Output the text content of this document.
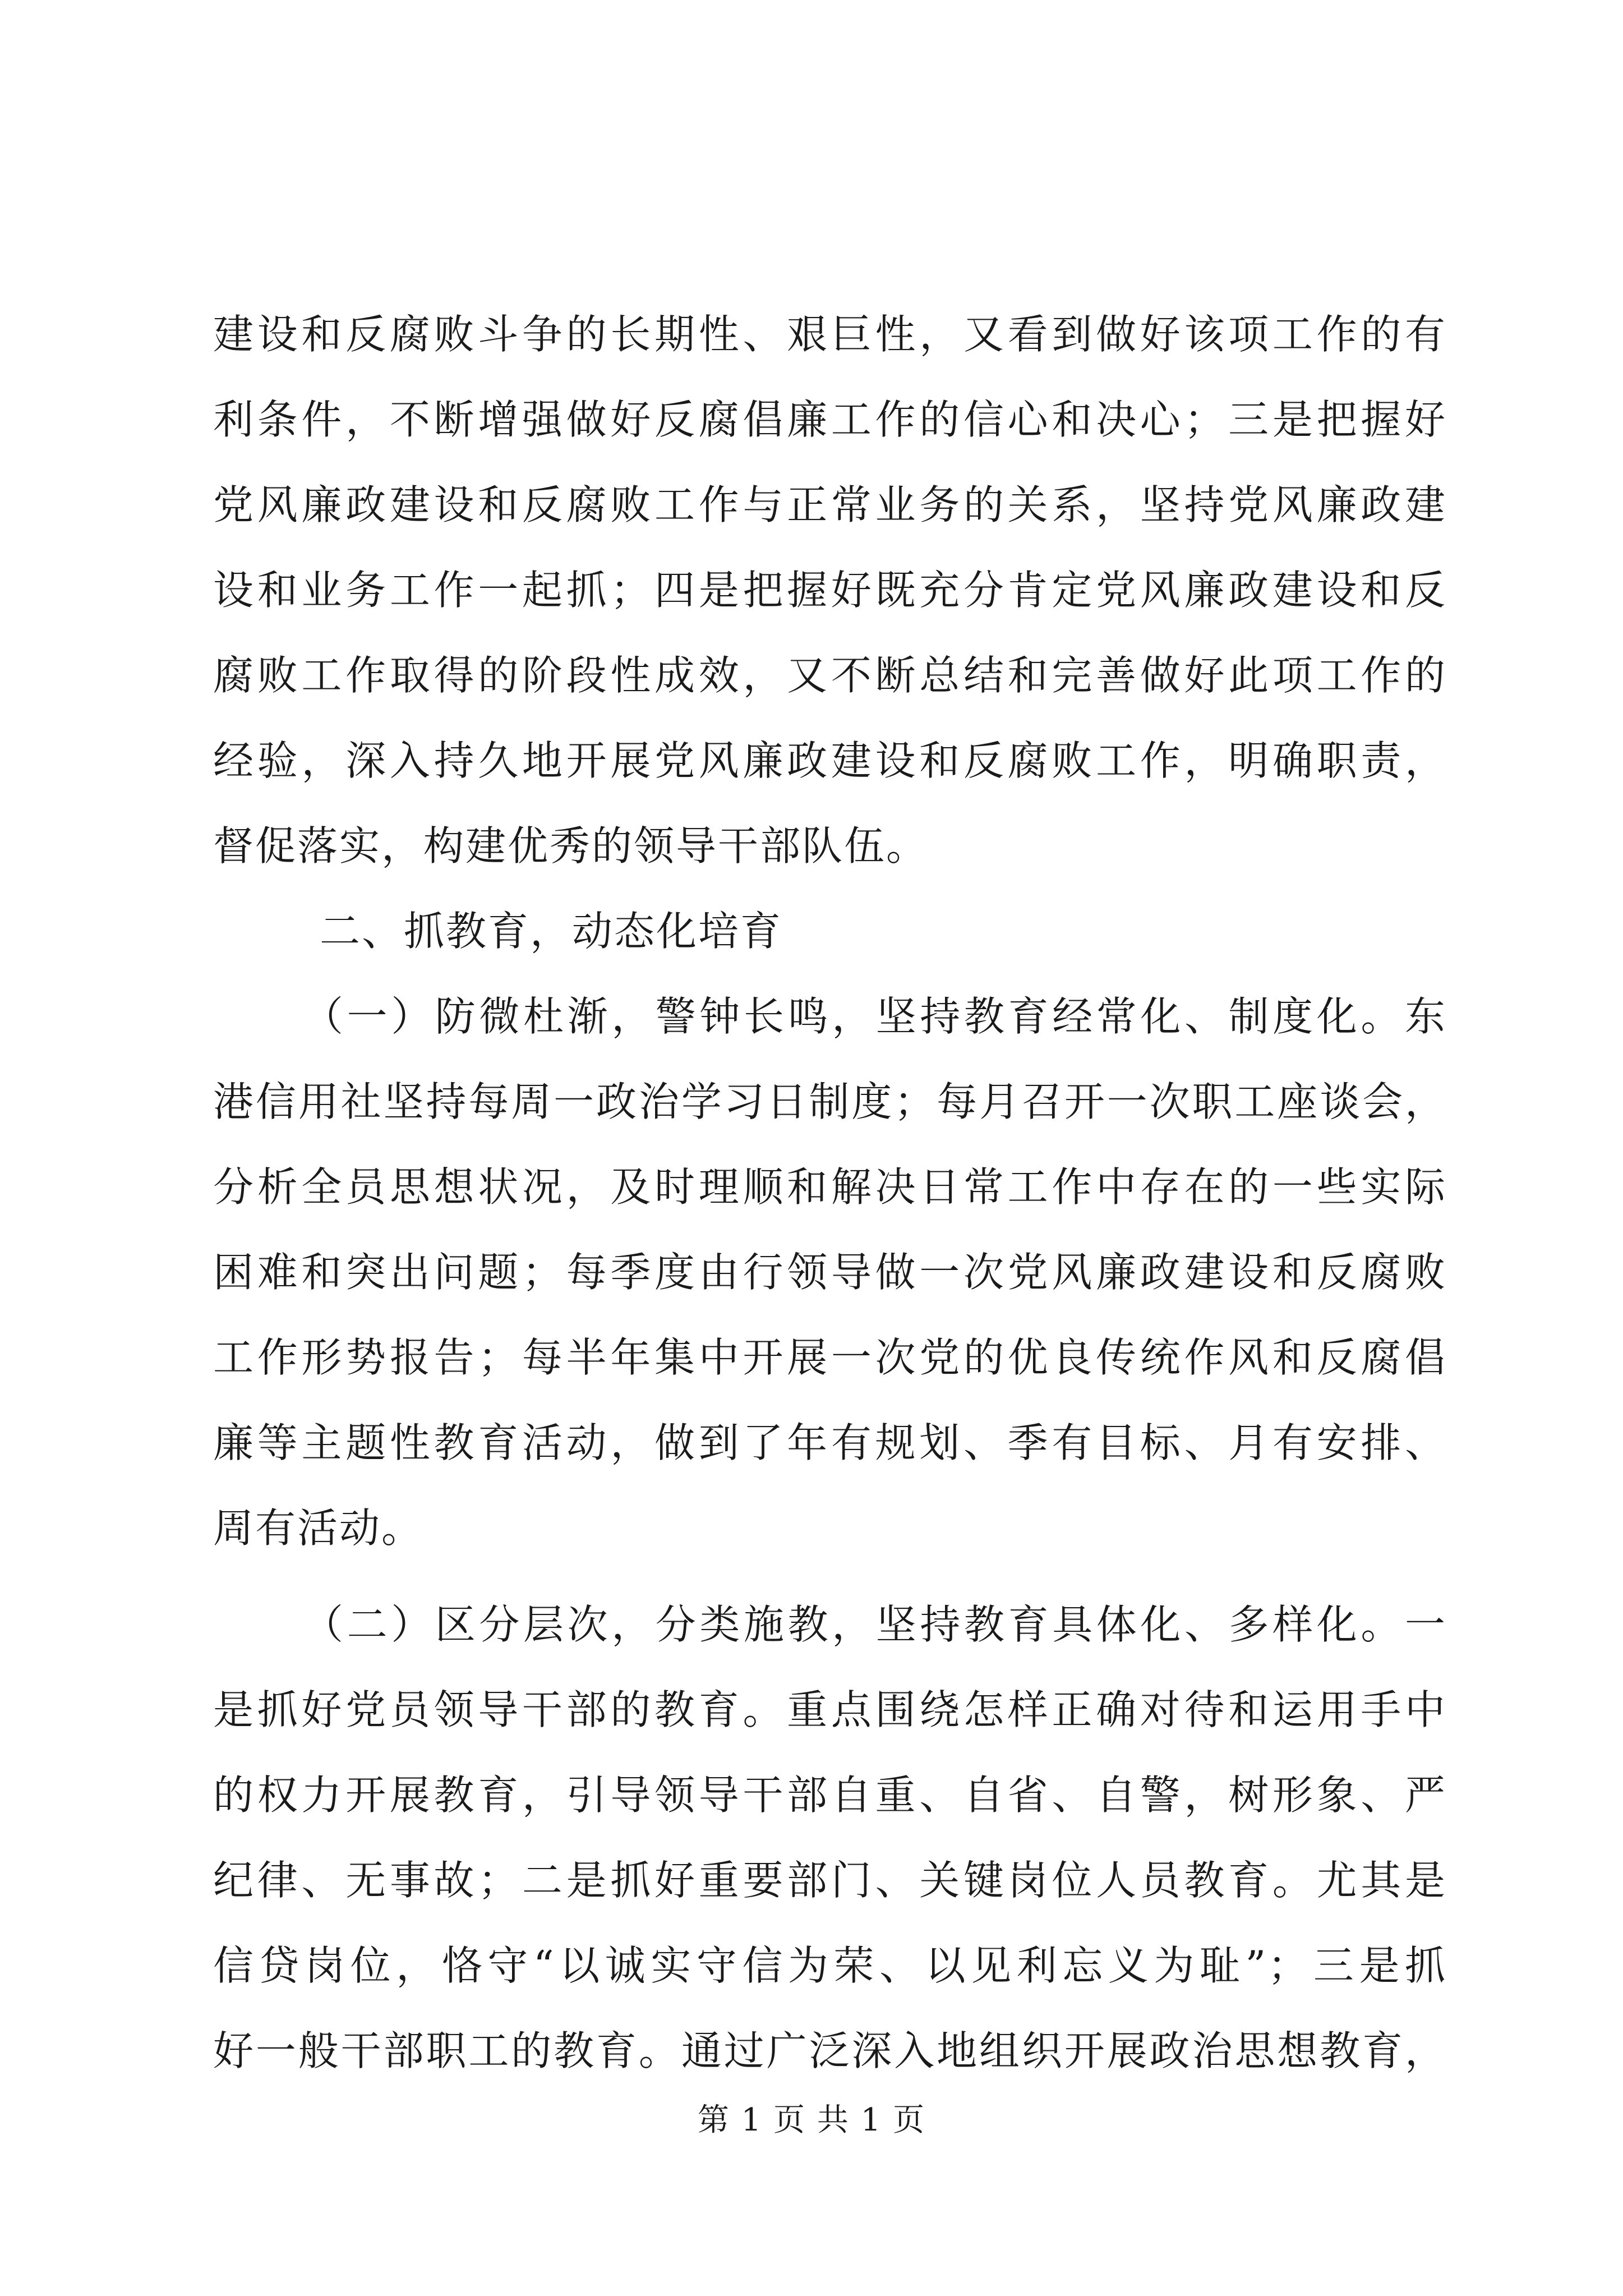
建设和反腐败斗争的长期性、艰巨性，又看到做好该项工作的有
利条件，不断增强做好反腐倡廉工作的信心和决心；三是把握好
党风廉政建设和反腐败工作与正常业务的关系，坚持党风廉政建
设和业务工作一起抓；四是把握好既充分肯定党风廉政建设和反
腐败工作取得的阶段性成效，又不断总结和完善做好此项工作的
经验，深入持久地开展党风廉政建设和反腐败工作，明确职责，
督促落实，构建优秀的领导干部队伍。
二、抓教育，动态化培育
（一）防微杜渐，警钟长鸣，坚持教育经常化、制度化。东
港信用社坚持每周一政治学习日制度；每月召开一次职工座谈会，
分析全员思想状况，及时理顺和解决日常工作中存在的一些实际
困难和突出问题；每季度由行领导做一次党风廉政建设和反腐败
工作形势报告；每半年集中开展一次党的优良传统作风和反腐倡
廉等主题性教育活动，做到了年有规划、季有目标、月有安排、
周有活动。
（二）区分层次，分类施教，坚持教育具体化、多样化。一
是抓好党员领导干部的教育。重点围绕怎样正确对待和运用手中
的权力开展教育，引导领导干部自重、自省、自警，树形象、严
纪律、无事故；二是抓好重要部门、关键岗位人员教育。尤其是
信贷岗位，恪守“以诚实守信为荣、以见利忘义为耻”；三是抓
好一般干部职工的教育。通过广泛深入地组织开展政治思想教育，
第 1 页 共 1 页
